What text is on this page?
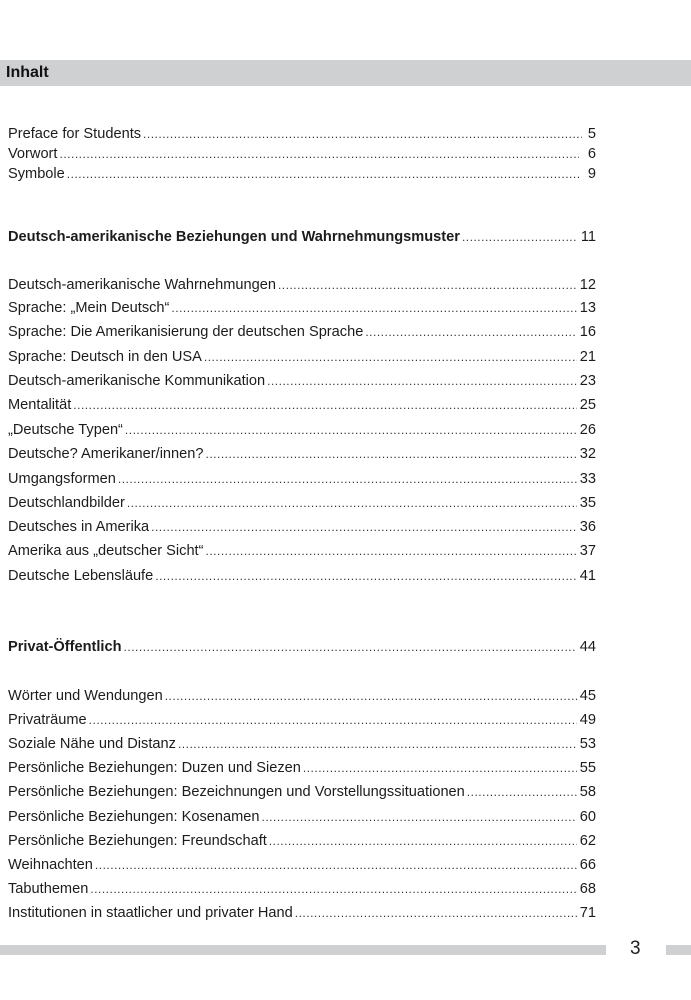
Inhalt
Preface for Students .....	5
Vorwort .....	6
Symbole .....	9
Deutsch-amerikanische Beziehungen und Wahrnehmungsmuster .....	11
Deutsch-amerikanische Wahrnehmungen .....	12
Sprache: „Mein Deutsch“ .....	13
Sprache: Die Amerikanisierung der deutschen Sprache .....	16
Sprache: Deutsch in den USA .....	21
Deutsch-amerikanische Kommunikation .....	23
Mentalität .....	25
„Deutsche Typen“ .....	26
Deutsche? Amerikaner/innen? .....	32
Umgangsformen .....	33
Deutschlandbilder .....	35
Deutsches in Amerika .....	36
Amerika aus „deutscher Sicht“ .....	37
Deutsche Lebensläufe .....	41
Privat-Öffentlich .....	44
Wörter und Wendungen .....	45
Privaträume .....	49
Soziale Nähe und Distanz .....	53
Persönliche Beziehungen: Duzen und Siezen .....	55
Persönliche Beziehungen: Bezeichnungen und Vorstellungssituationen .....	58
Persönliche Beziehungen: Kosenamen .....	60
Persönliche Beziehungen: Freundschaft .....	62
Weihnachten .....	66
Tabuthemen .....	68
Institutionen in staatlicher und privater Hand .....	71
3
